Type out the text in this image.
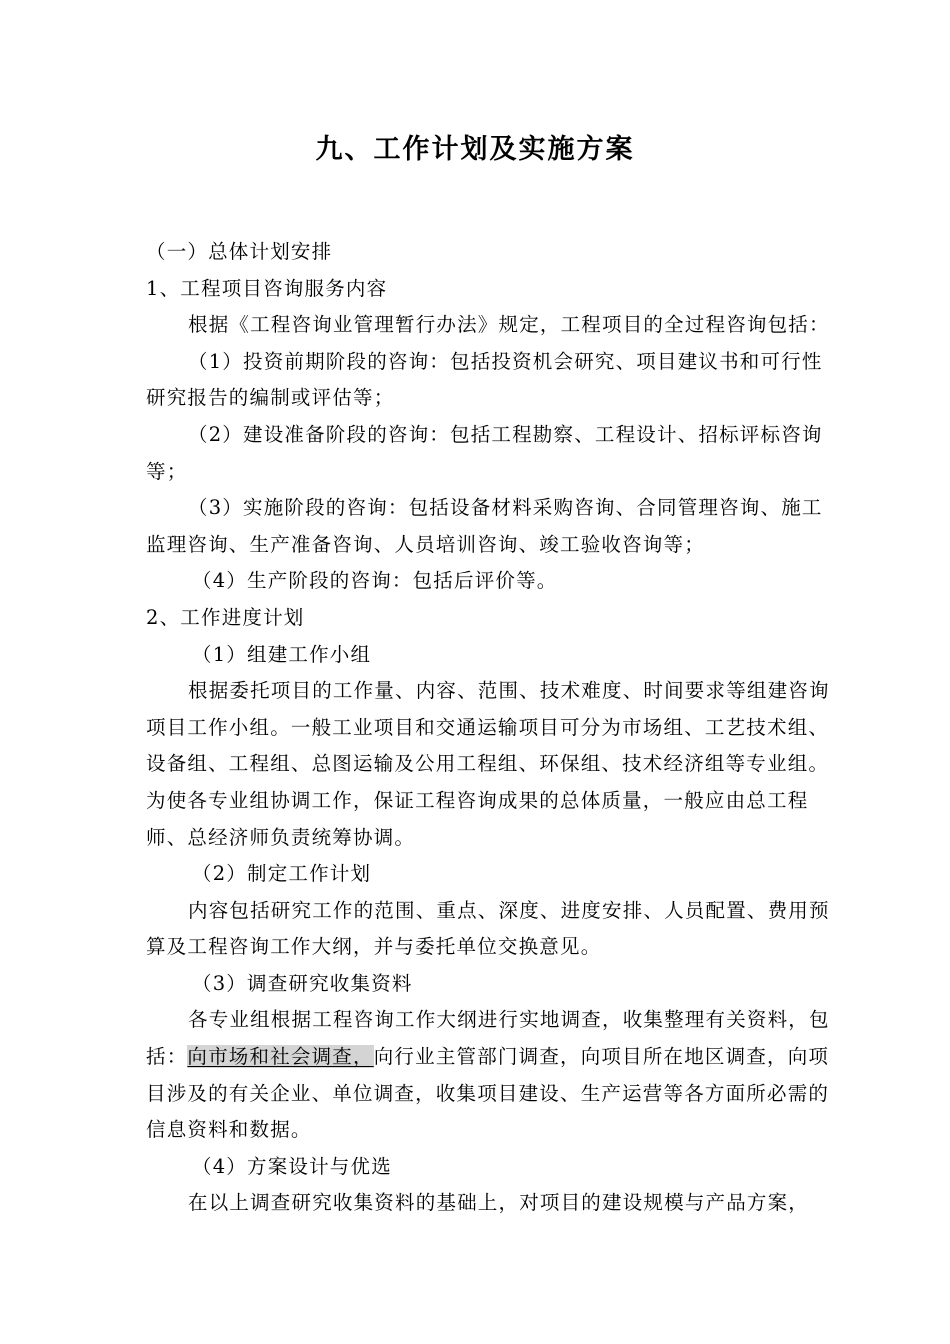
九、工作计划及实施方案

（一）总体计划安排

1、工程项目咨询服务内容

根据《工程咨询业管理暂行办法》规定，工程项目的全过程咨询包括：

（1）投资前期阶段的咨询：包括投资机会研究、项目建议书和可行性研究报告的编制或评估等；

（2）建设准备阶段的咨询：包括工程勘察、工程设计、招标评标咨询等；

（3）实施阶段的咨询：包括设备材料采购咨询、合同管理咨询、施工监理咨询、生产准备咨询、人员培训咨询、竣工验收咨询等；

（4）生产阶段的咨询：包括后评价等。

2、工作进度计划

（1）组建工作小组

根据委托项目的工作量、内容、范围、技术难度、时间要求等组建咨询项目工作小组。一般工业项目和交通运输项目可分为市场组、工艺技术组、设备组、工程组、总图运输及公用工程组、环保组、技术经济组等专业组。为使各专业组协调工作，保证工程咨询成果的总体质量，一般应由总工程师、总经济师负责统筹协调。

（2）制定工作计划

内容包括研究工作的范围、重点、深度、进度安排、人员配置、费用预算及工程咨询工作大纲，并与委托单位交换意见。

（3）调查研究收集资料

各专业组根据工程咨询工作大纲进行实地调查，收集整理有关资料，包括：向市场和社会调查，向行业主管部门调查，向项目所在地区调查，向项目涉及的有关企业、单位调查，收集项目建设、生产运营等各方面所必需的信息资料和数据。

（4）方案设计与优选

在以上调查研究收集资料的基础上，对项目的建设规模与产品方案，
